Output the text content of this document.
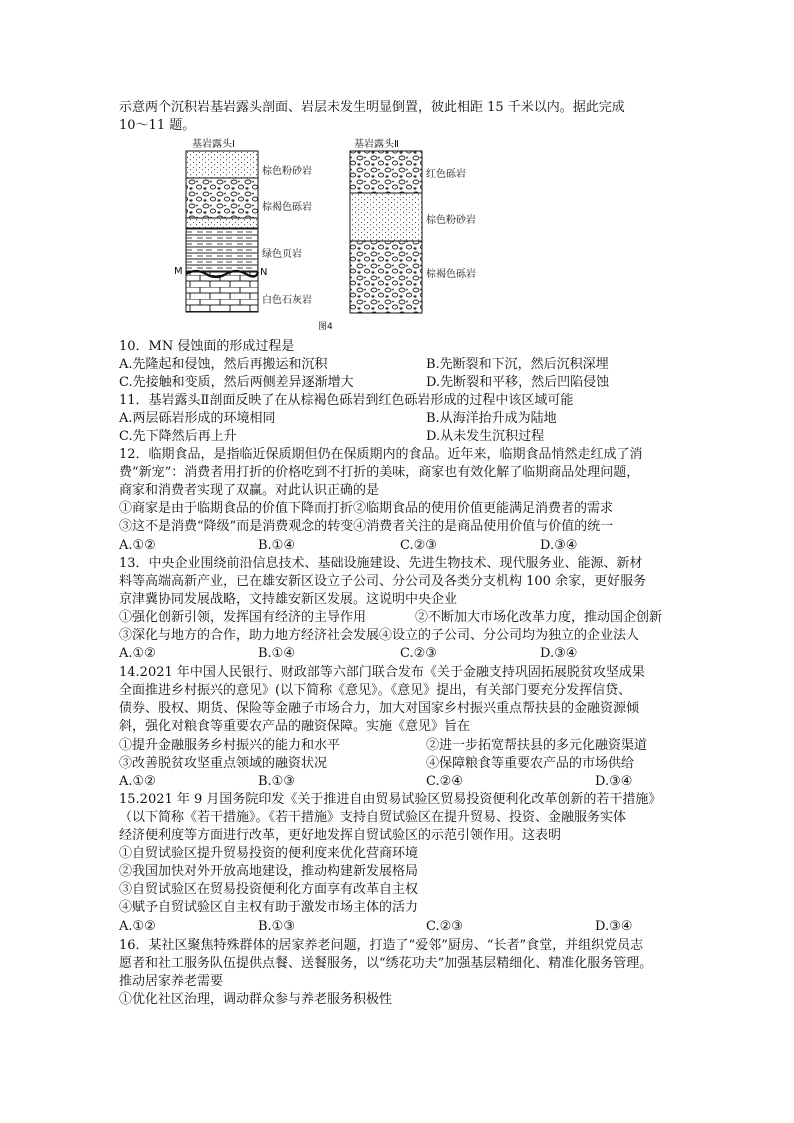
示意两个沉积岩基岩露头剖面、岩层未发生明显倒置，彼此相距 15 千米以内。据此完成
10～11 题。
基岩露头Ⅰ	基岩露头Ⅱ
棕色粉砂岩
棕褐色砾岩
绿色页岩
白色石灰岩
M	N
红色砾岩
棕色粉砂岩
棕褐色砾岩
图4
10．MN 侵蚀面的形成过程是
A.先隆起和侵蚀，然后再搬运和沉积	B.先断裂和下沉，然后沉积深埋
C.先接触和变质，然后两侧差异逐渐增大	D.先断裂和平移，然后凹陷侵蚀
11．基岩露头Ⅱ剖面反映了在从棕褐色砾岩到红色砾岩形成的过程中该区域可能
A.两层砾岩形成的环境相同	B.从海洋抬升成为陆地
C.先下降然后再上升	D.从未发生沉积过程
12．临期食品，是指临近保质期但仍在保质期内的食品。近年来，临期食品悄然走红成了消
费“新宠”：消费者用打折的价格吃到不打折的美味，商家也有效化解了临期商品处理问题，
商家和消费者实现了双赢。对此认识正确的是
①商家是由于临期食品的价值下降而打折②临期食品的使用价值更能满足消费者的需求
③这不是消费“降级”而是消费观念的转变④消费者关注的是商品使用价值与价值的统一
A.①②	B.①④	C.②③	D.③④
13．中央企业围绕前沿信息技术、基础设施建设、先进生物技术、现代服务业、能源、新材
料等高端高新产业，已在雄安新区设立子公司、分公司及各类分支机构 100 余家，更好服务
京津冀协同发展战略，文持雄安新区发展。这说明中央企业
①强化创新引领，发挥国有经济的主导作用	②不断加大市场化改革力度，推动国企创新
③深化与地方的合作，助力地方经济社会发展④设立的子公司、分公司均为独立的企业法人
A.①②	B.①④	C.②③	D.③④
14.2021 年中国人民银行、财政部等六部门联合发布《关于金融支持巩固拓展脱贫攻坚成果
全面推进乡村振兴的意见》(以下简称《意见》。《意见》提出，有关部门要充分发挥信贷、
债券、股权、期货、保险等金融子市场合力，加大对国家乡村振兴重点帮扶县的金融资源倾
斜，强化对粮食等重要农产品的融资保障。实施《意见》旨在
①提升金融服务乡村振兴的能力和水平	②进一步拓宽帮扶县的多元化融资渠道
③改善脱贫攻坚重点领域的融资状况	④保障粮食等重要农产品的市场供给
A.①②	B.①③	C.②④	D.③④
15.2021 年 9 月国务院印发《关于推进自由贸易试验区贸易投资便利化改革创新的若干措施》
（以下简称《若干措施》。《若干措施》支持自贸试验区在提升贸易、投资、金融服务实体
经济便利度等方面进行改革，更好地发挥自贸试验区的示范引领作用。这表明
①自贸试验区提升贸易投资的便利度来优化营商环境
②我国加快对外开放高地建设，推动构建新发展格局
③自贸试验区在贸易投资便利化方面享有改革自主权
④赋予自贸试验区自主权有助于激发市场主体的活力
A.①②	B.①③	C.②③	D.③④
16．某社区聚焦特殊群体的居家养老问题，打造了“爱邻”厨房、“长者”食堂，并组织党员志
愿者和社工服务队伍提供点餐、送餐服务，以“绣花功夫”加强基层精细化、精准化服务管理。
推动居家养老需要
①优化社区治理，调动群众参与养老服务积极性
